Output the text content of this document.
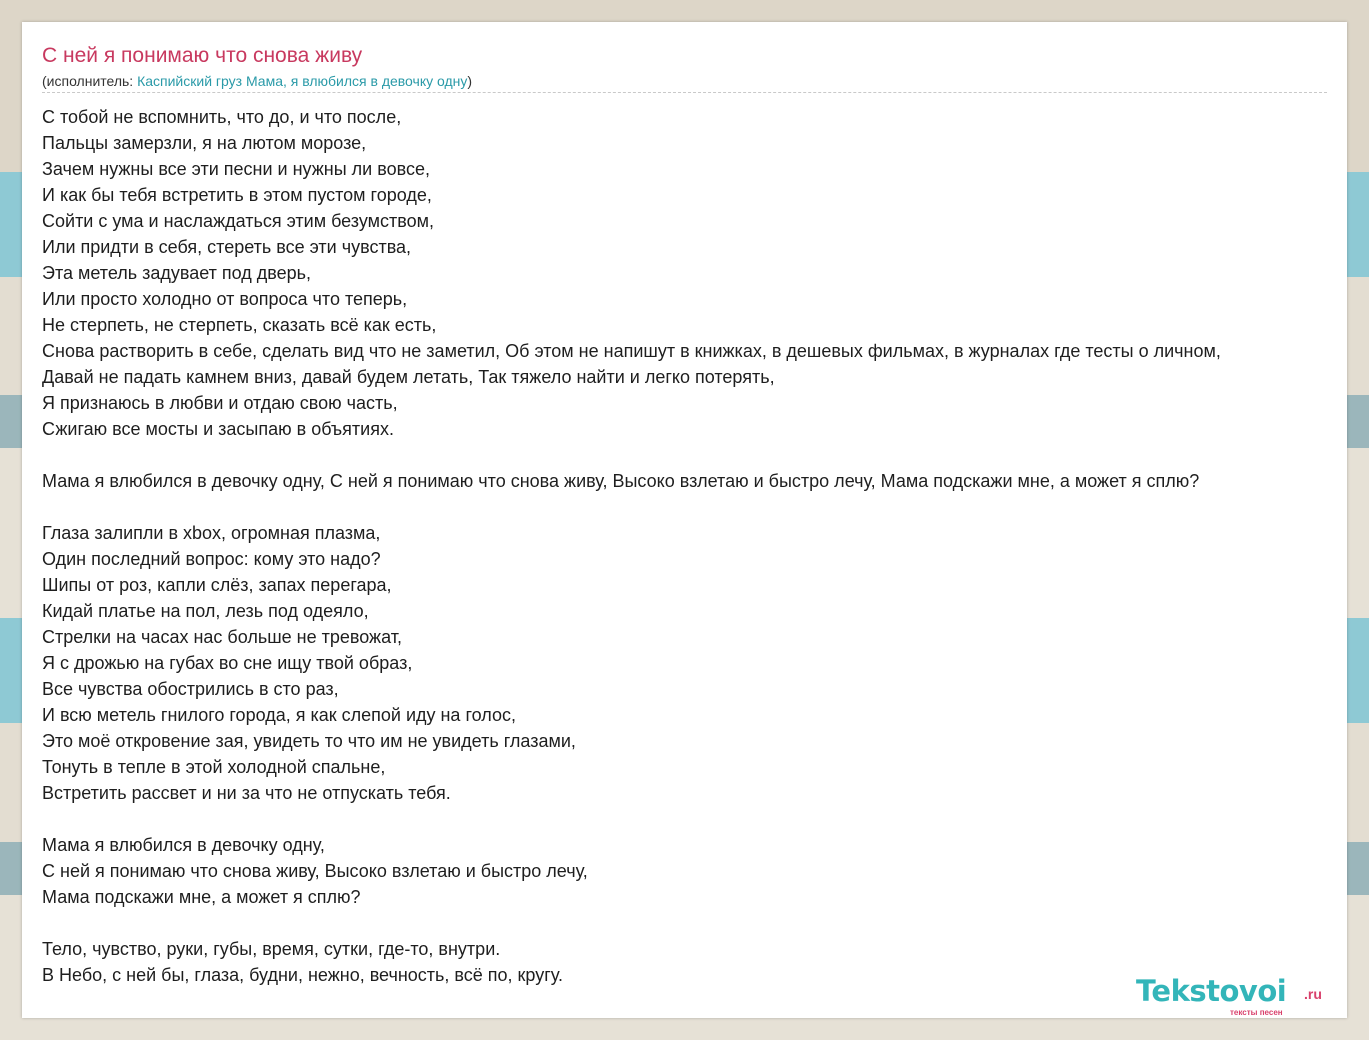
С ней я понимаю что снова живу
(исполнитель: Каспийский груз Мама, я влюбился в девочку одну)
С тобой не вспомнить, что до, и что после,
Пальцы замерзли, я на лютом морозе,
Зачем нужны все эти песни и нужны ли вовсе,
И как бы тебя встретить в этом пустом городе,
Сойти с ума и наслаждаться этим безумством,
Или придти в себя, стереть все эти чувства,
Эта метель задувает под дверь,
Или просто холодно от вопроса что теперь,
Не стерпеть, не стерпеть, сказать всё как есть,
Снова растворить в себе, сделать вид что не заметил, Об этом не напишут в книжках, в дешевых фильмах, в журналах где тесты о личном,
Давай не падать камнем вниз, давай будем летать, Так тяжело найти и легко потерять,
Я признаюсь в любви и отдаю свою часть,
Сжигаю все мосты и засыпаю в объятиях.
Мама я влюбился в девочку одну, С ней я понимаю что снова живу, Высоко взлетаю и быстро лечу, Мама подскажи мне, а может я сплю?
Глаза залипли в xbox, огромная плазма,
Один последний вопрос: кому это надо?
Шипы от роз, капли слёз, запах перегара,
Кидай платье на пол, лезь под одеяло,
Стрелки на часах нас больше не тревожат,
Я с дрожью на губах во сне ищу твой образ,
Все чувства обострились в сто раз,
И всю метель гнилого города, я как слепой иду на голос,
Это моё откровение зая, увидеть то что им не увидеть глазами,
Тонуть в тепле в этой холодной спальне,
Встретить рассвет и ни за что не отпускать тебя.
Мама я влюбился в девочку одну,
С ней я понимаю что снова живу, Высоко взлетаю и быстро лечу,
Мама подскажи мне, а может я сплю?
Тело, чувство, руки, губы, время, сутки, где-то, внутри.
В Небо, с ней бы, глаза, будни, нежно, вечность, всё по, кругу.	Tekstovoi .ru
тексты песен
